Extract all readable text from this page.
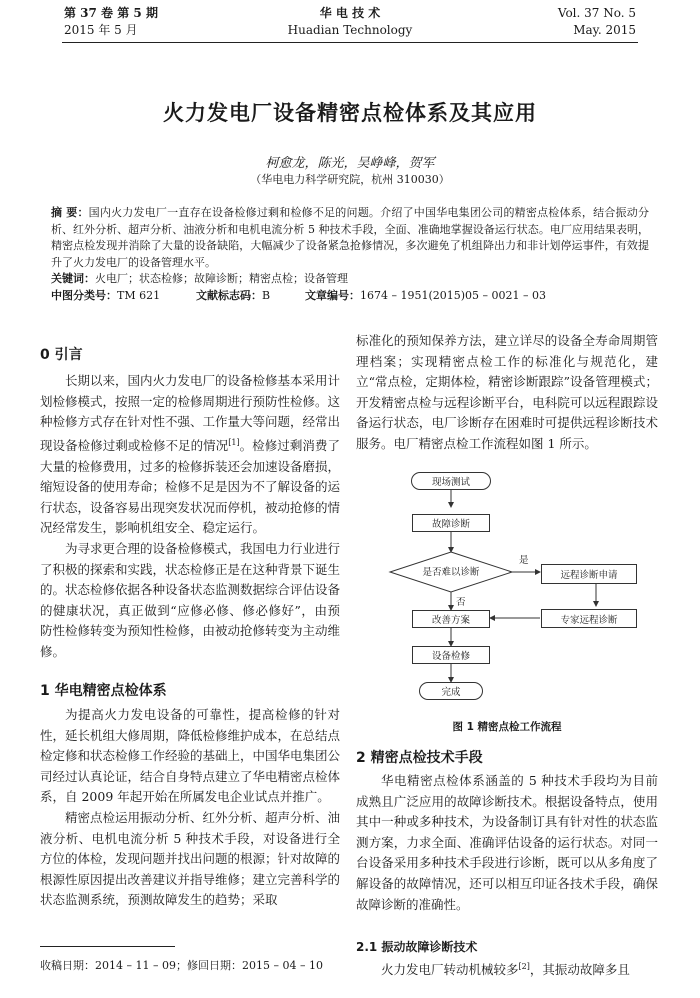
第 37 卷 第 5 期
2015 年 5 月
华 电 技 术
Huadian Technology
Vol. 37 No. 5
May. 2015
火力发电厂设备精密点检体系及其应用
柯愈龙，陈光，吴峥峰，贺军
（华电电力科学研究院，杭州 310030）
摘 要：国内火力发电厂一直存在设备检修过剩和检修不足的问题。介绍了中国华电集团公司的精密点检体系，结合振动分析、红外分析、超声分析、油液分析和电机电流分析 5 种技术手段，全面、准确地掌握设备运行状态。电厂应用结果表明，精密点检发现并消除了大量的设备缺陷，大幅减少了设备紧急抢修情况，多次避免了机组降出力和非计划停运事件，有效提升了火力发电厂的设备管理水平。
关键词：火电厂；状态检修；故障诊断；精密点检；设备管理
中图分类号：TM 621	文献标志码：B	文章编号：1674 – 1951(2015)05 – 0021 – 03
0 引言

长期以来，国内火力发电厂的设备检修基本采用计划检修模式，按照一定的检修周期进行预防性检修。这种检修方式存在针对性不强、工作量大等问题，经常出现设备检修过剩或检修不足的情况[1]。检修过剩消费了大量的检修费用，过多的检修拆装还会加速设备磨损，缩短设备的使用寿命；检修不足是因为不了解设备的运行状态，设备容易出现突发状况而停机，被动抢修的情况经常发生，影响机组安全、稳定运行。

为寻求更合理的设备检修模式，我国电力行业进行了积极的探索和实践，状态检修正是在这种背景下诞生的。状态检修依据各种设备状态监测数据综合评估设备的健康状况，真正做到“应修必修、修必修好”，由预防性检修转变为预知性检修，由被动抢修转变为主动维修。

1 华电精密点检体系

为提高火力发电设备的可靠性，提高检修的针对性，延长机组大修周期，降低检修维护成本，在总结点检定修和状态检修工作经验的基础上，中国华电集团公司经过认真论证，结合自身特点建立了华电精密点检体系，自 2009 年起开始在所属发电企业试点并推广。

精密点检运用振动分析、红外分析、超声分析、油液分析、电机电流分析 5 种技术手段，对设备进行全方位的体检，发现问题并找出问题的根源；针对故障的根源性原因提出改善建议并指导维修；建立完善科学的状态监测系统，预测故障发生的趋势；采取

收稿日期：2014 – 11 – 09；修回日期：2015 – 04 – 10

标准化的预知保养方法，建立详尽的设备全寿命周期管理档案；实现精密点检工作的标准化与规范化，建立“常点检，定期体检，精密诊断跟踪”设备管理模式；开发精密点检与远程诊断平台，电科院可以远程跟踪设备运行状态，电厂诊断存在困难时可提供远程诊断技术服务。电厂精密点检工作流程如图 1 所示。

现场测试
故障诊断
是否难以诊断
是
否
远程诊断申请
改善方案	专家远程诊断
设备检修
完成
图 1 精密点检工作流程
2 精密点检技术手段

华电精密点检体系涵盖的 5 种技术手段均为目前成熟且广泛应用的故障诊断技术。根据设备特点，使用其中一种或多种技术，为设备制订具有针对性的状态监测方案，力求全面、准确评估设备的运行状态。对同一台设备采用多种技术手段进行诊断，既可以从多角度了解设备的故障情况，还可以相互印证各技术手段，确保故障诊断的准确性。

2.1 振动故障诊断技术

火力发电厂转动机械较多[2]，其振动故障多且
